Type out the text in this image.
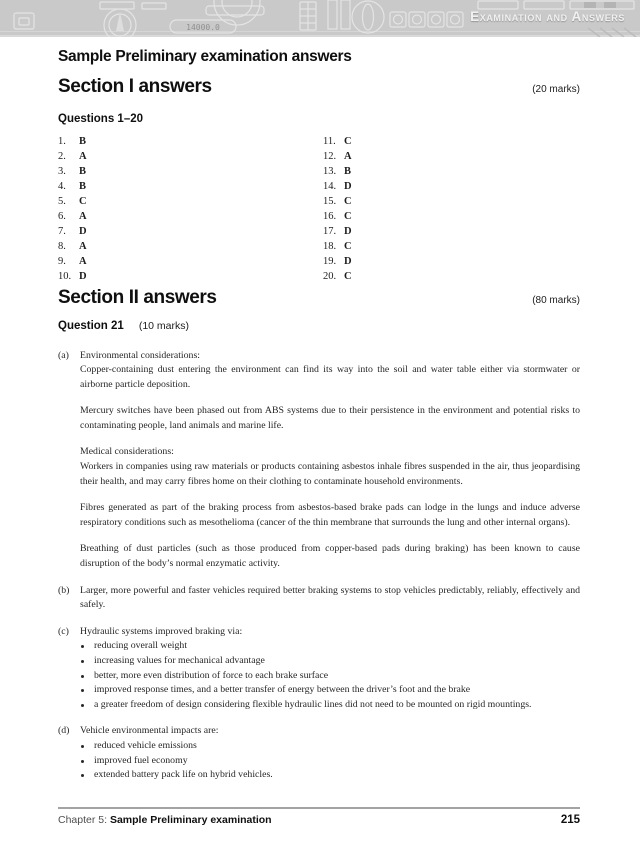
14000.0
Examination and Answers
Sample Preliminary examination answers
Section I answers	(20 marks)
Questions 1–20
1. B
2. A
3. B
4. B
5. C
6. A
7. D
8. A
9. A
10. D
11. C
12. A
13. B
14. D
15. C
16. C
17. D
18. C
19. D
20. C
Section II answers	(80 marks)
Question 21 (10 marks)
(a)	Environmental considerations:
Copper-containing dust entering the environment can find its way into the soil and water table either via stormwater or airborne particle deposition.
Mercury switches have been phased out from ABS systems due to their persistence in the environment and potential risks to contaminating people, land animals and marine life.
Medical considerations:
Workers in companies using raw materials or products containing asbestos inhale fibres suspended in the air, thus jeopardising their health, and may carry fibres home on their clothing to contaminate household environments.
Fibres generated as part of the braking process from asbestos-based brake pads can lodge in the lungs and induce adverse respiratory conditions such as mesothelioma (cancer of the thin membrane that surrounds the lung and other internal organs).
Breathing of dust particles (such as those produced from copper-based pads during braking) has been known to cause disruption of the body’s normal enzymatic activity.
(b)	Larger, more powerful and faster vehicles required better braking systems to stop vehicles predictably, reliably, effectively and safely.
(c)	Hydraulic systems improved braking via:
reducing overall weight
increasing values for mechanical advantage
better, more even distribution of force to each brake surface
improved response times, and a better transfer of energy between the driver’s foot and the brake
a greater freedom of design considering flexible hydraulic lines did not need to be mounted on rigid mountings.
(d)	Vehicle environmental impacts are:
reduced vehicle emissions
improved fuel economy
extended battery pack life on hybrid vehicles.
Chapter 5: Sample Preliminary examination	215
